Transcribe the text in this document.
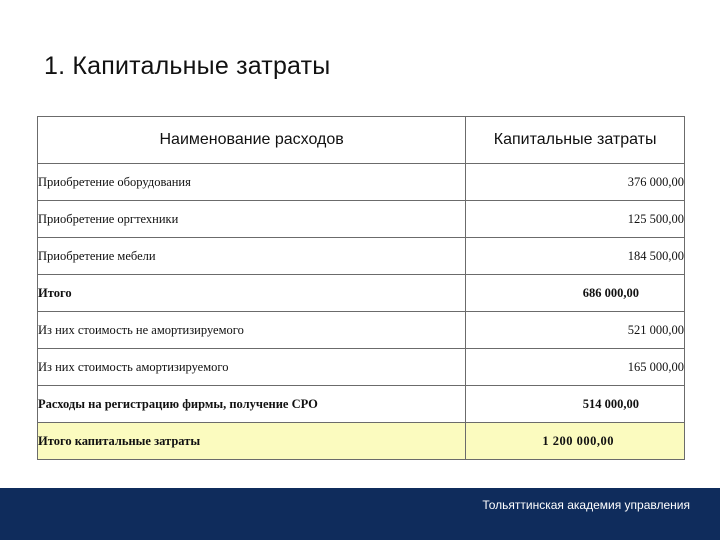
1. Капитальные затраты
Наименование расходов	Капитальные затраты
Приобретение оборудования	376 000,00
Приобретение оргтехники	125 500,00
Приобретение мебели	184 500,00
Итого	686 000,00
Из них стоимость не амортизируемого	521 000,00
Из них стоимость амортизируемого	165 000,00
Расходы на регистрацию фирмы, получение СРО	514 000,00
Итого капитальные затраты	1 200 000,00
Тольяттинская академия управления
